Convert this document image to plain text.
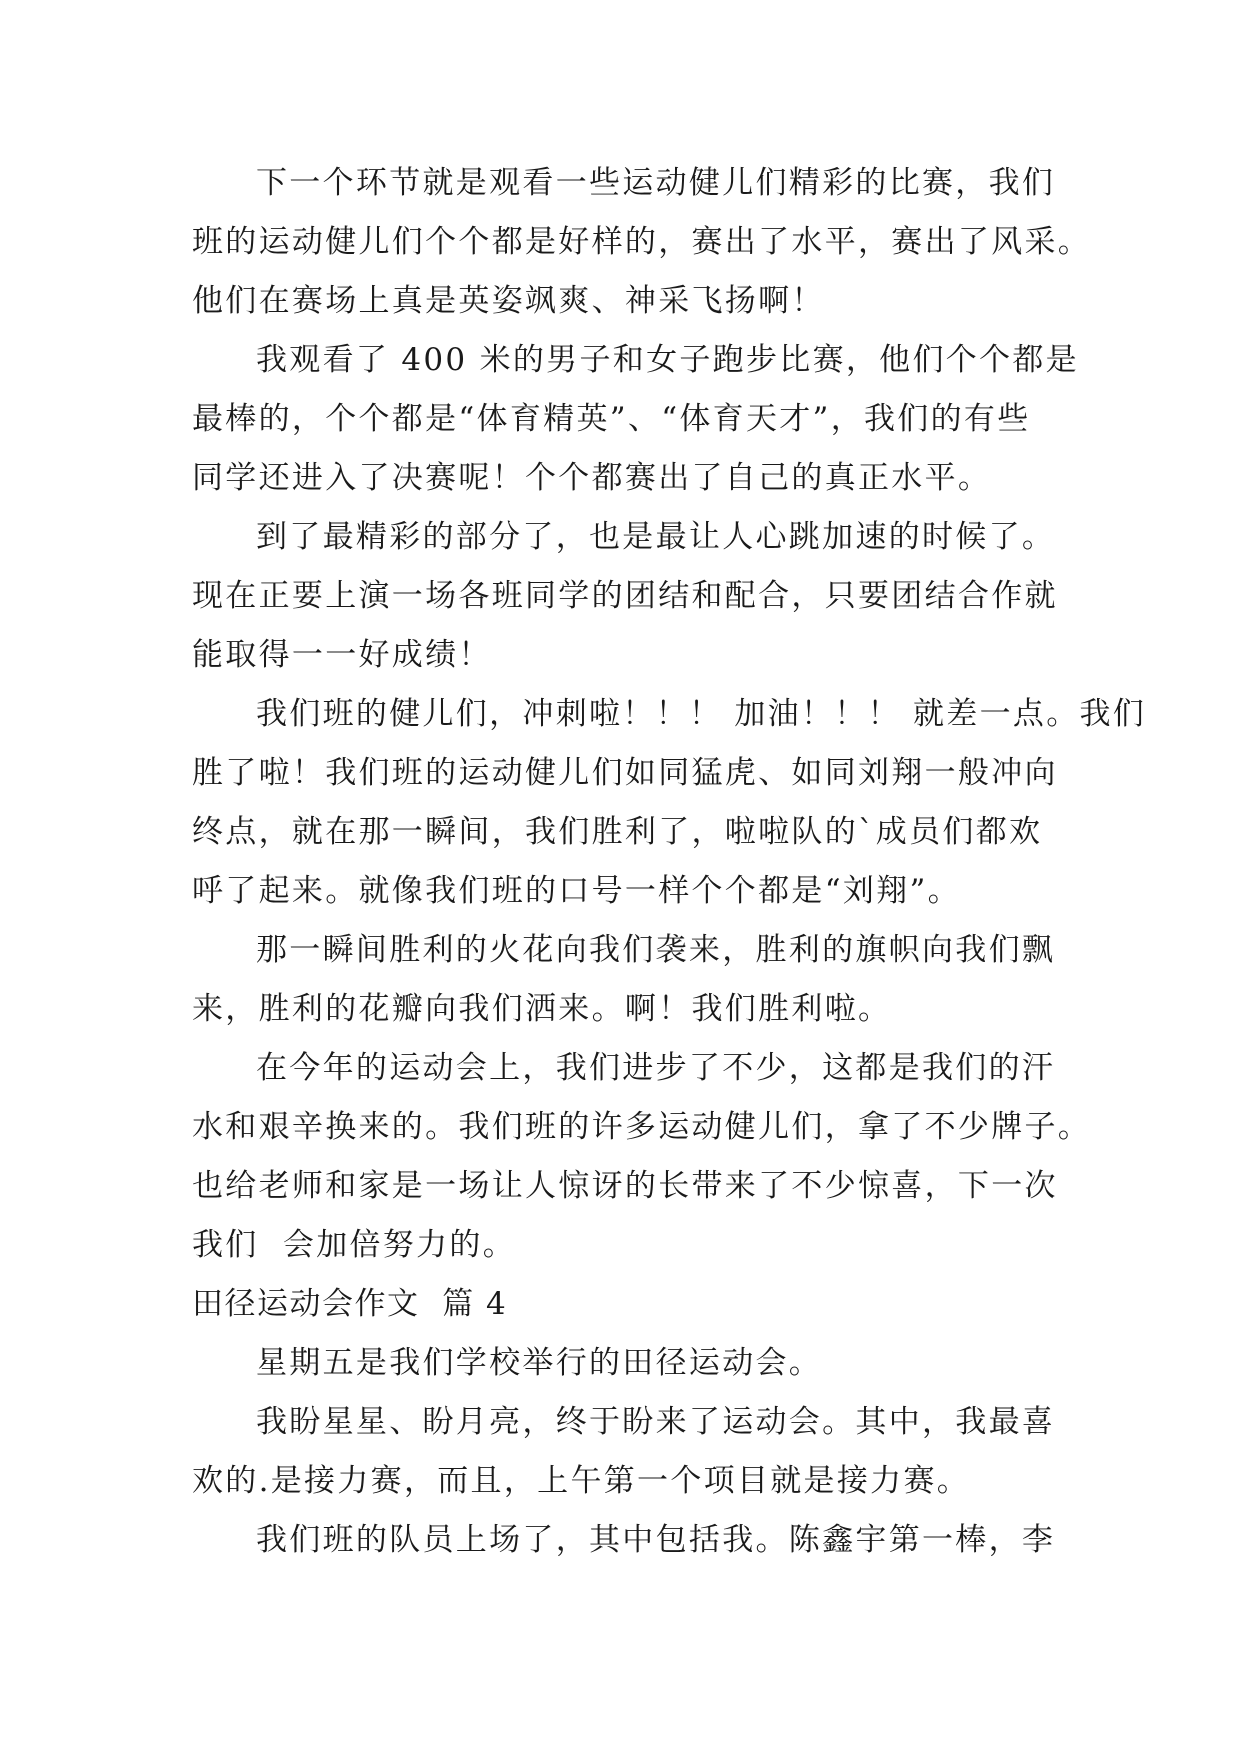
下一个环节就是观看一些运动健儿们精彩的比赛，我们
班的运动健儿们个个都是好样的，赛出了水平，赛出了风采。
他们在赛场上真是英姿飒爽、神采飞扬啊！
我观看了 400 米的男子和女子跑步比赛，他们个个都是
最棒的，个个都是“体育精英”、“体育天才”，我们的有些
同学还进入了决赛呢！个个都赛出了自己的真正水平。
到了最精彩的部分了，也是最让人心跳加速的时候了。
现在正要上演一场各班同学的团结和配合，只要团结合作就
能取得一一好成绩！
我们班的健儿们，冲刺啦！！！ 加油！！！ 就差一点。我们
胜了啦！我们班的运动健儿们如同猛虎、如同刘翔一般冲向
终点，就在那一瞬间，我们胜利了，啦啦队的`成员们都欢
呼了起来。就像我们班的口号一样个个都是“刘翔”。
那一瞬间胜利的火花向我们袭来，胜利的旗帜向我们飘
来，胜利的花瓣向我们洒来。啊！我们胜利啦。
在今年的运动会上，我们进步了不少，这都是我们的汗
水和艰辛换来的。我们班的许多运动健儿们，拿了不少牌子。
也给老师和家是一场让人惊讶的长带来了不少惊喜，下一次
我们  会加倍努力的。
田径运动会作文  篇 4
星期五是我们学校举行的田径运动会。
我盼星星、盼月亮，终于盼来了运动会。其中，我最喜
欢的.是接力赛，而且，上午第一个项目就是接力赛。
我们班的队员上场了，其中包括我。陈鑫宇第一棒，李
